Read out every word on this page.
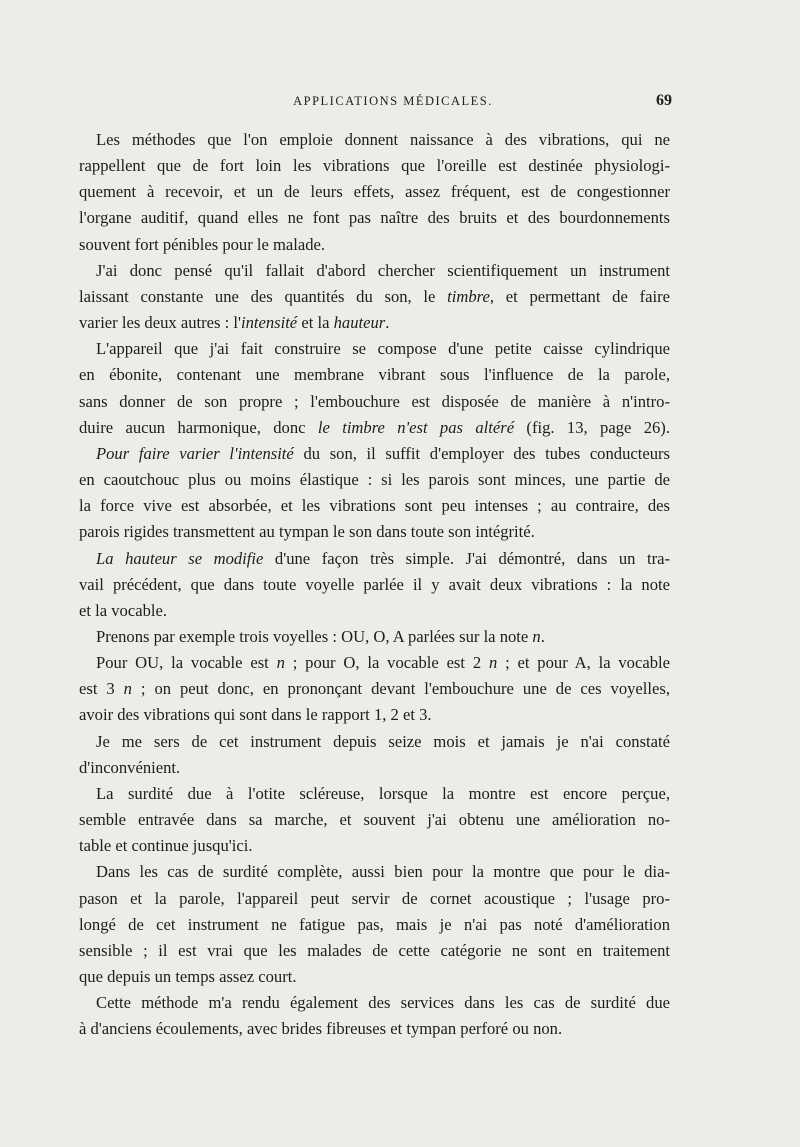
APPLICATIONS MÉDICALES.	69

Les méthodes que l'on emploie donnent naissance à des vibrations, qui ne
rappellent que de fort loin les vibrations que l'oreille est destinée physiologi-
quement à recevoir, et un de leurs effets, assez fréquent, est de congestionner
l'organe auditif, quand elles ne font pas naître des bruits et des bourdonnements
souvent fort pénibles pour le malade.

J'ai donc pensé qu'il fallait d'abord chercher scientifiquement un instrument
laissant constante une des quantités du son, le timbre, et permettant de faire
varier les deux autres : l'intensité et la hauteur.

L'appareil que j'ai fait construire se compose d'une petite caisse cylindrique
en ébonite, contenant une membrane vibrant sous l'influence de la parole,
sans donner de son propre ; l'embouchure est disposée de manière à n'intro-
duire aucun harmonique, donc le timbre n'est pas altéré (fig. 13, page 26).

Pour faire varier l'intensité du son, il suffit d'employer des tubes conducteurs
en caoutchouc plus ou moins élastique : si les parois sont minces, une partie de
la force vive est absorbée, et les vibrations sont peu intenses ; au contraire, des
parois rigides transmettent au tympan le son dans toute son intégrité.

La hauteur se modifie d'une façon très simple. J'ai démontré, dans un tra-
vail précédent, que dans toute voyelle parlée il y avait deux vibrations : la note
et la vocable.

Prenons par exemple trois voyelles : OU, O, A parlées sur la note n.

Pour OU, la vocable est n ; pour O, la vocable est 2 n ; et pour A, la vocable
est 3 n ; on peut donc, en prononçant devant l'embouchure une de ces voyelles,
avoir des vibrations qui sont dans le rapport 1, 2 et 3.

Je me sers de cet instrument depuis seize mois et jamais je n'ai constaté
d'inconvénient.

La surdité due à l'otite scléreuse, lorsque la montre est encore perçue,
semble entravée dans sa marche, et souvent j'ai obtenu une amélioration no-
table et continue jusqu'ici.

Dans les cas de surdité complète, aussi bien pour la montre que pour le dia-
pason et la parole, l'appareil peut servir de cornet acoustique ; l'usage pro-
longé de cet instrument ne fatigue pas, mais je n'ai pas noté d'amélioration
sensible ; il est vrai que les malades de cette catégorie ne sont en traitement
que depuis un temps assez court.

Cette méthode m'a rendu également des services dans les cas de surdité due
à d'anciens écoulements, avec brides fibreuses et tympan perforé ou non.
